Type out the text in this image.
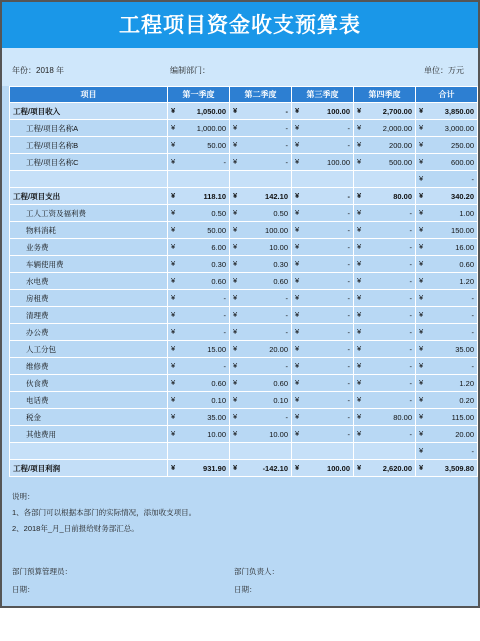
工程项目资金收支预算表
年份：2018 年	编制部门：	单位：万元
项目	第一季度	第二季度	第三季度	第四季度	合计
工程/项目收入	¥ 1,050.00	¥ -	¥ 100.00	¥ 2,700.00	¥ 3,850.00
工程/项目名称A	¥ 1,000.00	¥ -	¥ -	¥ 2,000.00	¥ 3,000.00
工程/项目名称B	¥ 50.00	¥ -	¥ -	¥ 200.00	¥ 250.00
工程/项目名称C	¥ -	¥ -	¥ 100.00	¥ 500.00	¥ 600.00

					¥ -
工程/项目支出	¥ 118.10	¥ 142.10	¥ -	¥ 80.00	¥ 340.20
工人工资及福利费	¥ 0.50	¥ 0.50	¥ -	¥ -	¥ 1.00
物料消耗	¥ 50.00	¥ 100.00	¥ -	¥ -	¥ 150.00
业务费	¥ 6.00	¥ 10.00	¥ -	¥ -	¥ 16.00
车辆使用费	¥ 0.30	¥ 0.30	¥ -	¥ -	¥ 0.60
水电费	¥ 0.60	¥ 0.60	¥ -	¥ -	¥ 1.20
房租费	¥ -	¥ -	¥ -	¥ -	¥ -
清理费	¥ -	¥ -	¥ -	¥ -	¥ -
办公费	¥ -	¥ -	¥ -	¥ -	¥ -
人工分包	¥ 15.00	¥ 20.00	¥ -	¥ -	¥ 35.00
维修费	¥ -	¥ -	¥ -	¥ -	¥ -
伙食费	¥ 0.60	¥ 0.60	¥ -	¥ -	¥ 1.20
电话费	¥ 0.10	¥ 0.10	¥ -	¥ -	¥ 0.20
税金	¥ 35.00	¥ -	¥ -	¥ 80.00	¥ 115.00
其他费用	¥ 10.00	¥ 10.00	¥ -	¥ -	¥ 20.00

					¥ -
工程/项目利润	¥ 931.90	¥ -142.10	¥ 100.00	¥ 2,620.00	¥ 3,509.80
说明：
1、各部门可以根据本部门的实际情况，添加收支项目。
2、2018年_月_日前报给财务部汇总。
部门预算管理员：	部门负责人：
日期：	日期：
